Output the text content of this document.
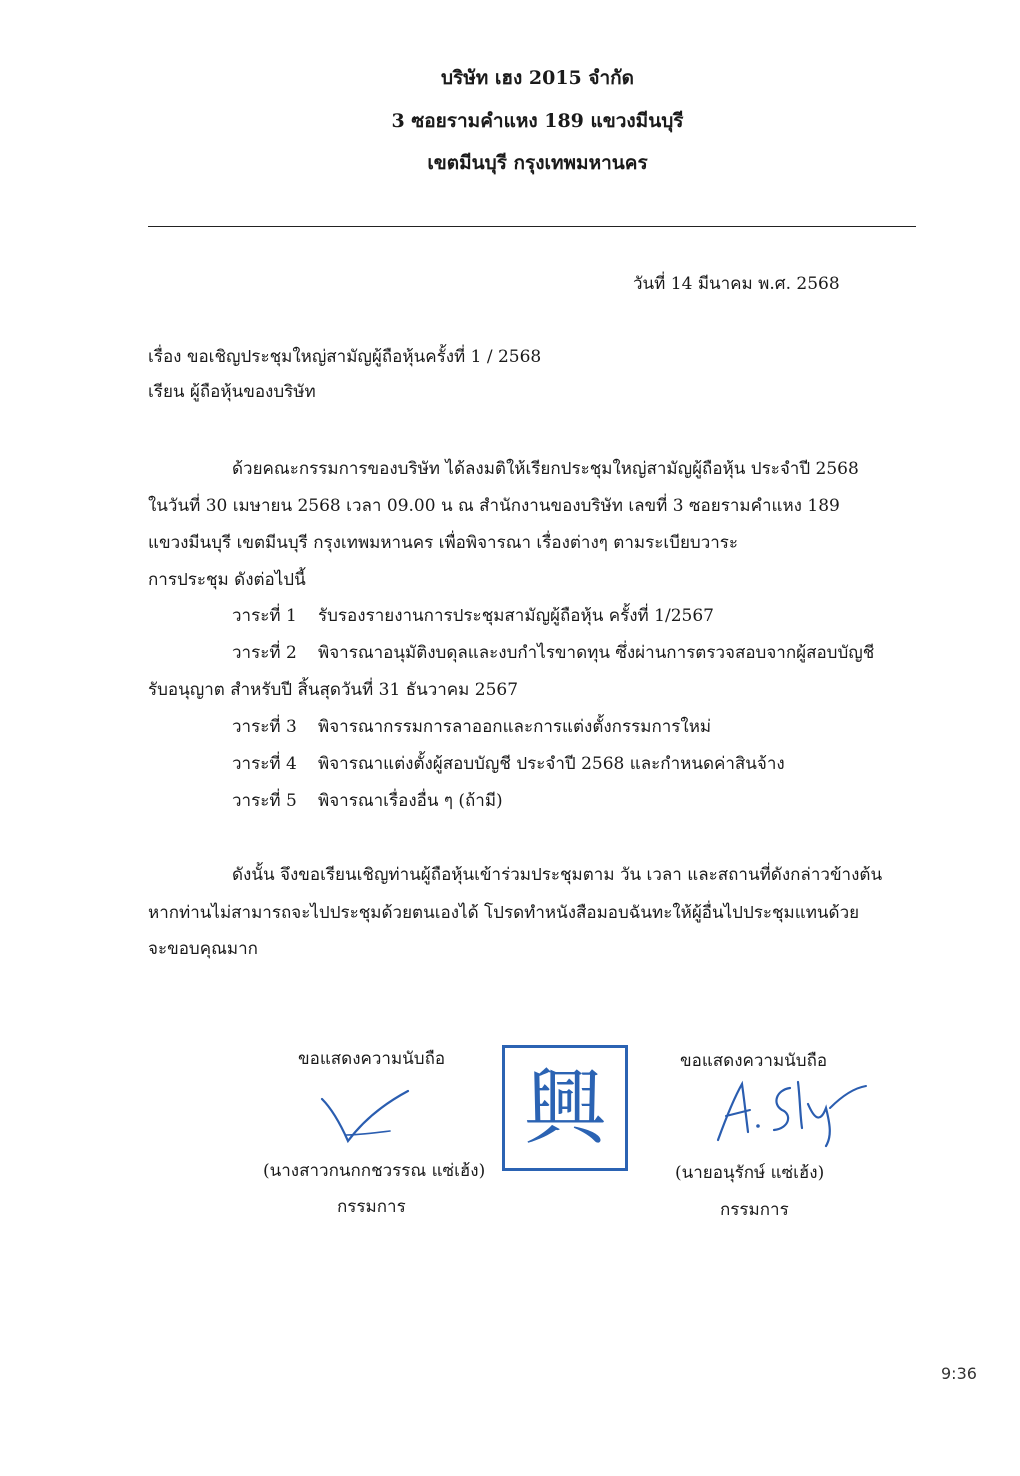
บริษัท เฮง 2015 จำกัด
3 ซอยรามคำแหง 189 แขวงมีนบุรี
เขตมีนบุรี กรุงเทพมหานคร
วันที่ 14 มีนาคม พ.ศ. 2568
เรื่อง ขอเชิญประชุมใหญ่สามัญผู้ถือหุ้นครั้งที่ 1 / 2568
เรียน ผู้ถือหุ้นของบริษัท
ด้วยคณะกรรมการของบริษัท ได้ลงมติให้เรียกประชุมใหญ่สามัญผู้ถือหุ้น ประจำปี 2568
ในวันที่ 30 เมษายน 2568 เวลา 09.00 น ณ สำนักงานของบริษัท เลขที่ 3 ซอยรามคำแหง 189
แขวงมีนบุรี เขตมีนบุรี กรุงเทพมหานคร เพื่อพิจารณา เรื่องต่างๆ ตามระเบียบวาระ
การประชุม ดังต่อไปนี้
วาระที่ 1 รับรองรายงานการประชุมสามัญผู้ถือหุ้น ครั้งที่ 1/2567
วาระที่ 2 พิจารณาอนุมัติงบดุลและงบกำไรขาดทุน ซึ่งผ่านการตรวจสอบจากผู้สอบบัญชี
รับอนุญาต สำหรับปี สิ้นสุดวันที่ 31 ธันวาคม 2567
วาระที่ 3 พิจารณากรรมการลาออกและการแต่งตั้งกรรมการใหม่
วาระที่ 4 พิจารณาแต่งตั้งผู้สอบบัญชี ประจำปี 2568 และกำหนดค่าสินจ้าง
วาระที่ 5 พิจารณาเรื่องอื่น ๆ (ถ้ามี)
ดังนั้น จึงขอเรียนเชิญท่านผู้ถือหุ้นเข้าร่วมประชุมตาม วัน เวลา และสถานที่ดังกล่าวข้างต้น
หากท่านไม่สามารถจะไปประชุมด้วยตนเองได้ โปรดทำหนังสือมอบฉันทะให้ผู้อื่นไปประชุมแทนด้วย
จะขอบคุณมาก
ขอแสดงความนับถือ
(นางสาวกนกกชวรรณ แซ่เฮ้ง)
กรรมการ
興	ขอแสดงความนับถือ
(นายอนุรักษ์ แซ่เฮ้ง)
กรรมการ
9:36
